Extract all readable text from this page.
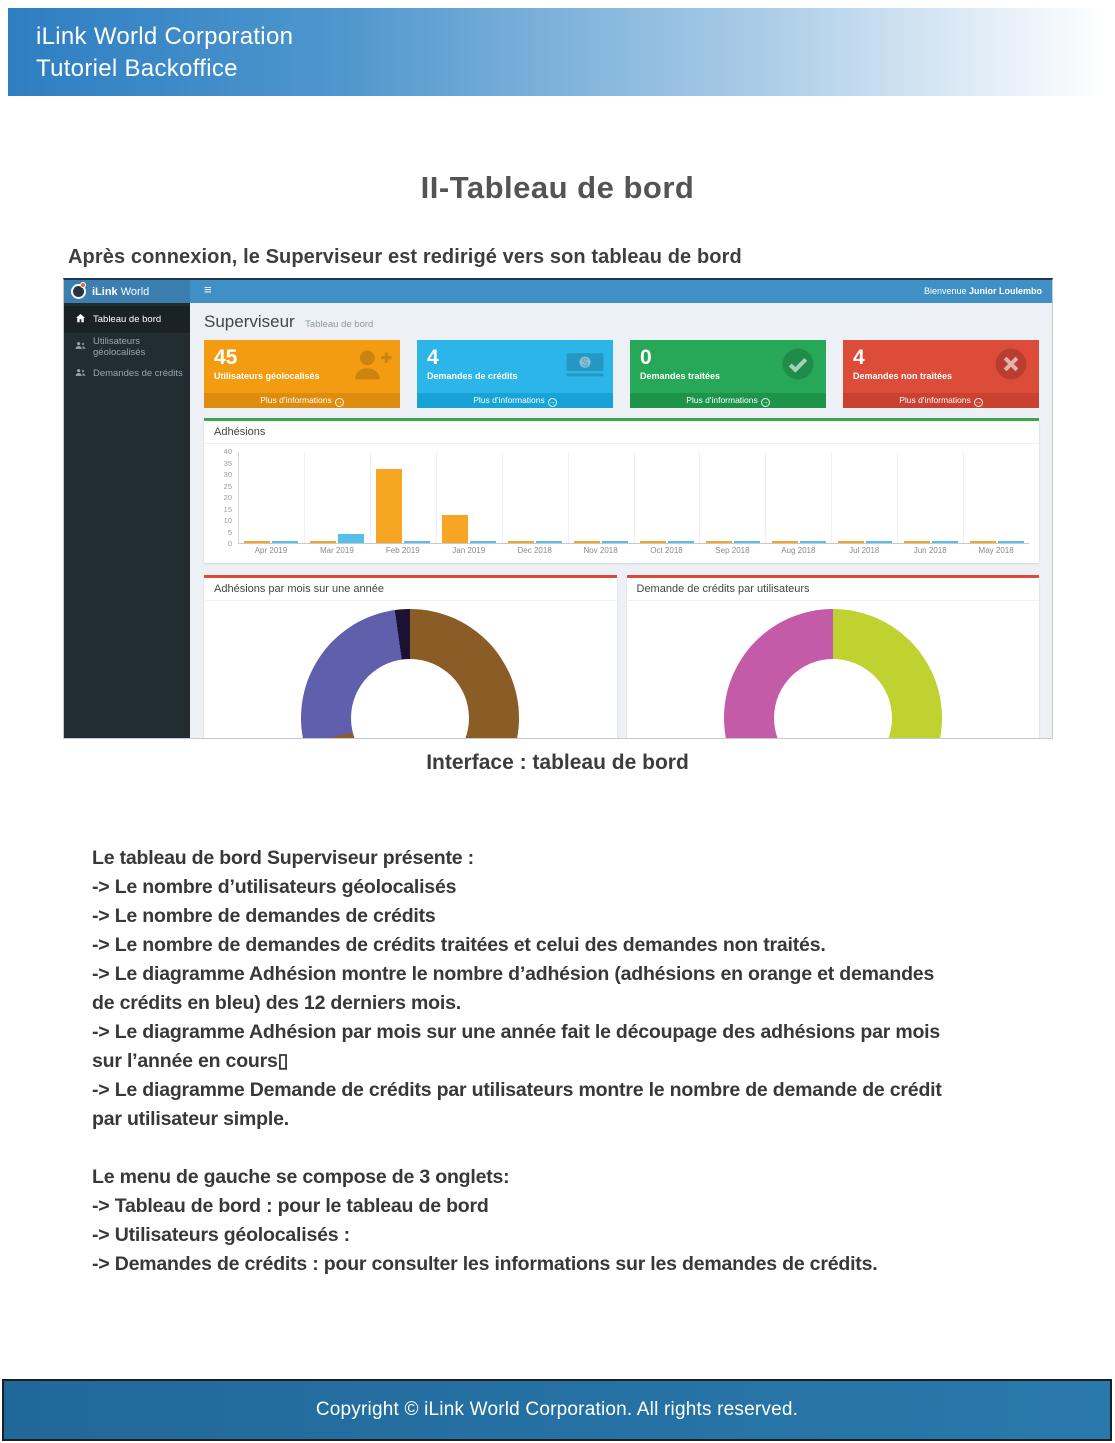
iLink World Corporation
Tutoriel Backoffice
II-Tableau de bord
Après connexion, le Superviseur est redirigé vers son tableau de bord
iLink World	≡	Bienvenue Junior Loulembo
Tableau de bord
Utilisateurs géolocalisés
Demandes de crédits
Superviseur Tableau de bord
45
Utilisateurs géolocalisés
Plus d'informations →
4
Demandes de crédits
$
Plus d'informations →
0
Demandes traitées
Plus d'informations →
4
Demandes non traitées
Plus d'informations →
Adhésions
0
5
10
15
20
25
30
35
40
Apr 2019	Mar 2019	Feb 2019	Jan 2019	Dec 2018	Nov 2018	Oct 2018	Sep 2018	Aug 2018	Jul 2018	Jun 2018	May 2018
Adhésions par mois sur une année	Demande de crédits par utilisateurs
Interface : tableau de bord
Le tableau de bord Superviseur présente :
-> Le nombre d’utilisateurs géolocalisés
-> Le nombre de demandes de crédits
-> Le nombre de demandes de crédits traitées et celui des demandes non traités.
-> Le diagramme Adhésion montre le nombre d’adhésion (adhésions en orange et demandes
de crédits en bleu) des 12 derniers mois.
-> Le diagramme Adhésion par mois sur une année fait le découpage des adhésions par mois
sur l’année en cours▯
-> Le diagramme Demande de crédits par utilisateurs montre le nombre de demande de crédit
par utilisateur simple.
Le menu de gauche se compose de 3 onglets:
-> Tableau de bord : pour le tableau de bord
-> Utilisateurs géolocalisés :
-> Demandes de crédits : pour consulter les informations sur les demandes de crédits.
Copyright © iLink World Corporation. All rights reserved.
